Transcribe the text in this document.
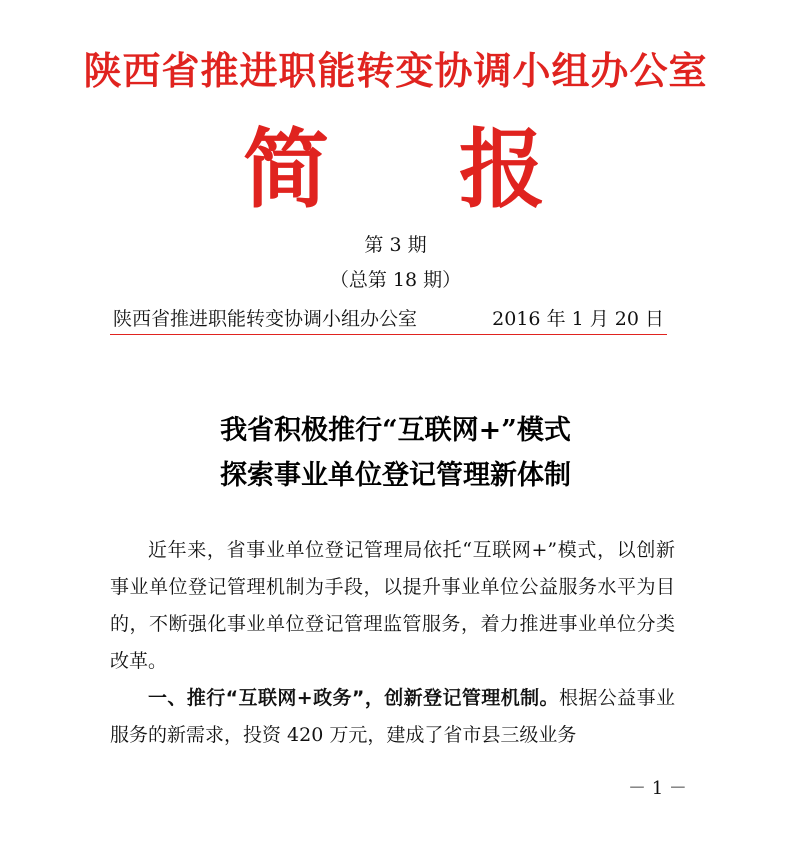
陕西省推进职能转变协调小组办公室
简 报
第 3 期
（总第 18 期）
陕西省推进职能转变协调小组办公室	2016 年 1 月 20 日
我省积极推行“互联网+”模式
探索事业单位登记管理新体制

近年来，省事业单位登记管理局依托“互联网+”模式，以创新事业单位登记管理机制为手段，以提升事业单位公益服务水平为目的，不断强化事业单位登记管理监管服务，着力推进事业单位分类改革。

一、推行“互联网+政务”，创新登记管理机制。根据公益事业服务的新需求，投资 420 万元，建成了省市县三级业务

－ 1 －
